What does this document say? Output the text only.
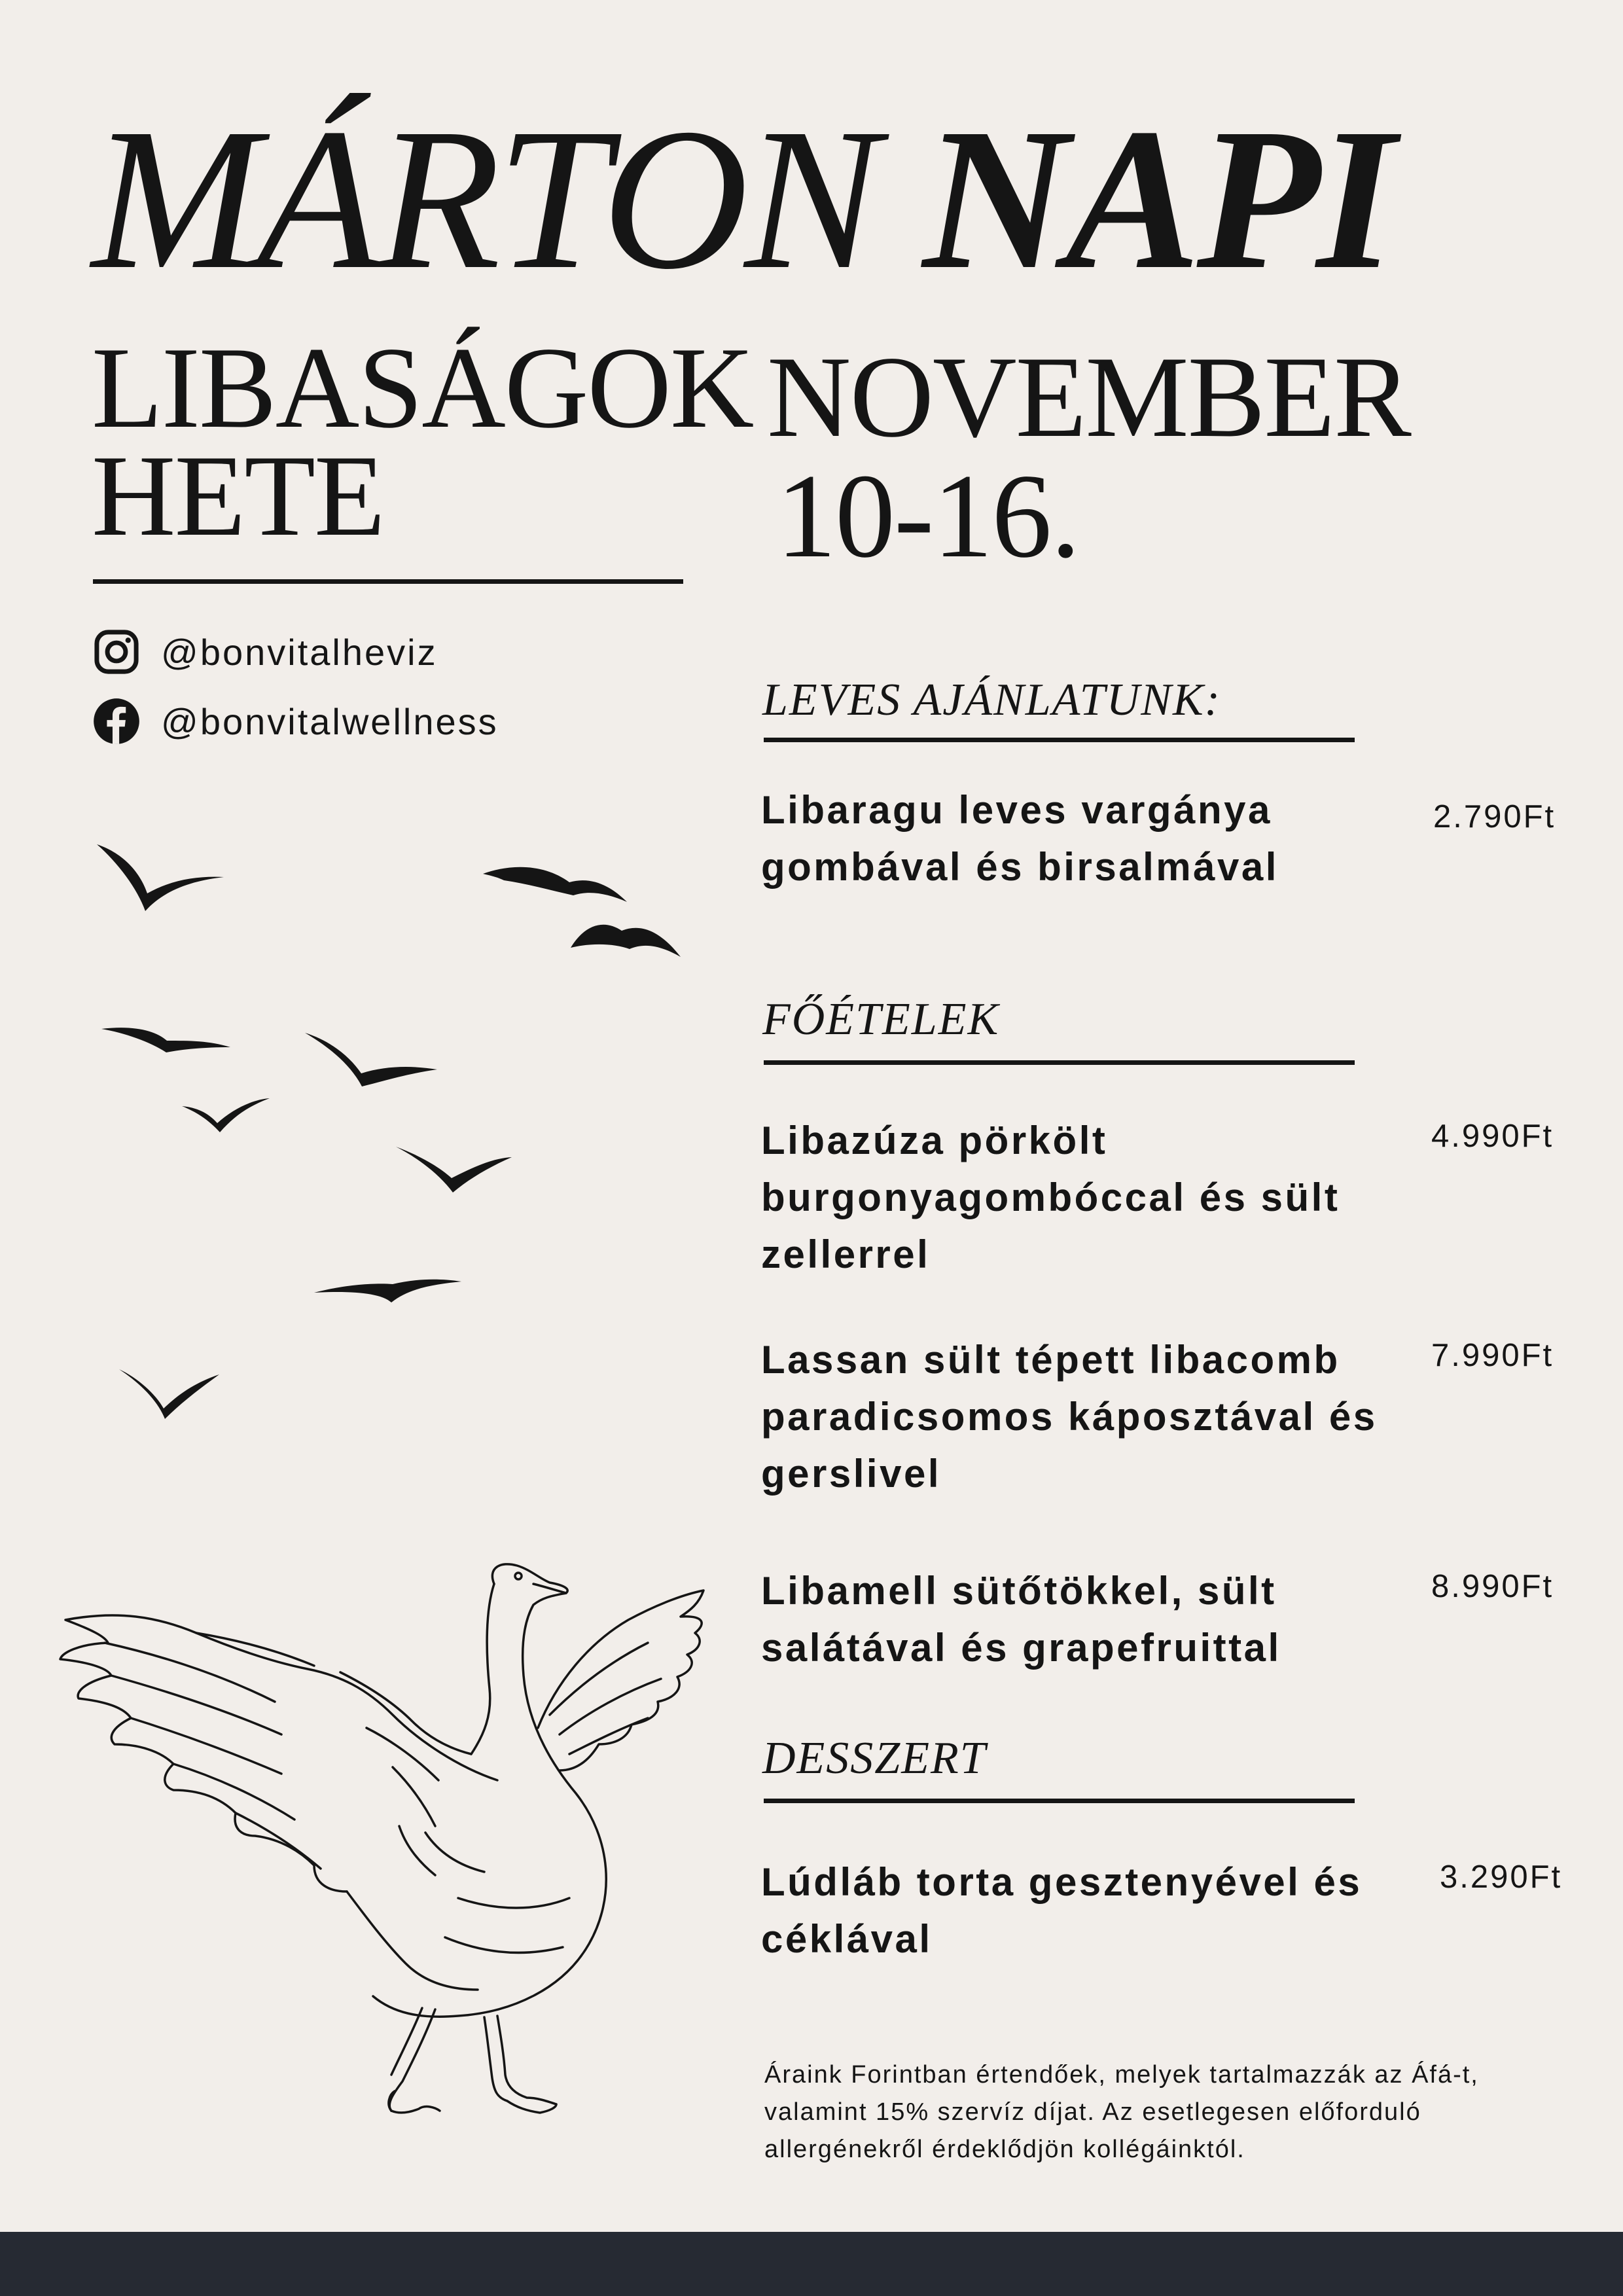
MÁRTON NAPI
LIBASÁGOK
HETE
NOVEMBER
10-16.
@bonvitalheviz
@bonvitalwellness	LEVES AJÁNLATUNK:

Libaragu leves vargánya gombával és birsalmával

2.790Ft
FŐÉTELEK

Libazúza pörkölt burgonyagombóccal és sült zellerrel

4.990Ft

Lassan sült tépett libacomb paradicsomos káposztával és gerslivel

7.990Ft

Libamell sütőtökkel, sült salátával és grapefruittal

8.990Ft
DESSZERT

Lúdláb torta gesztenyével és céklával

3.290Ft

Áraink Forintban értendőek, melyek tartalmazzák az Áfá-t, valamint 15% szervíz díjat. Az esetlegesen előforduló allergénekről érdeklődjön kollégáinktól.
